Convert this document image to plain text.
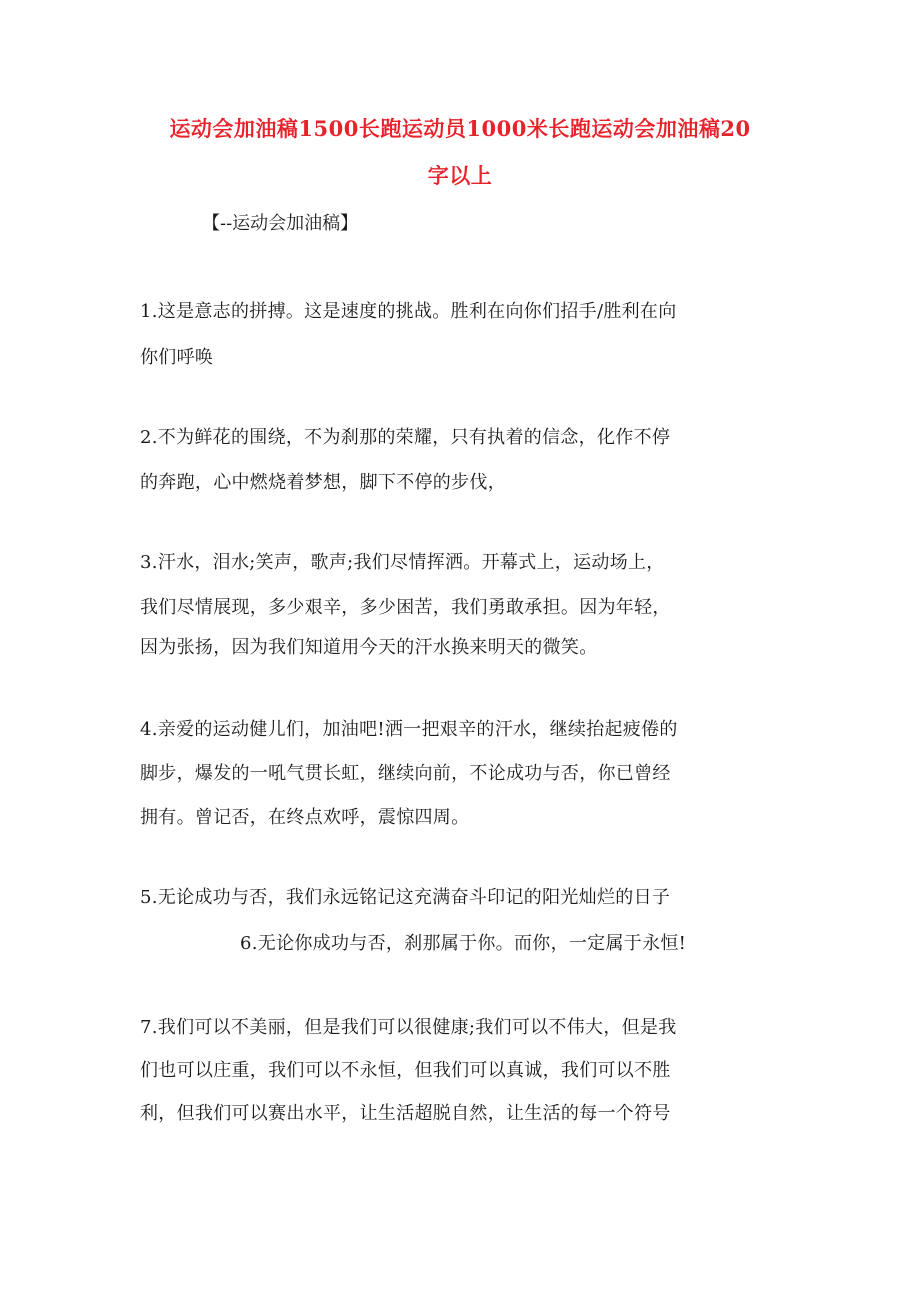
运动会加油稿1500长跑运动员1000米长跑运动会加油稿20
字以上
【--运动会加油稿】
1.这是意志的拼搏。这是速度的挑战。胜利在向你们招手/胜利在向
你们呼唤
2.不为鲜花的围绕，不为刹那的荣耀，只有执着的信念，化作不停
的奔跑，心中燃烧着梦想，脚下不停的步伐，
3.汗水，泪水;笑声，歌声;我们尽情挥洒。开幕式上，运动场上，
我们尽情展现，多少艰辛，多少困苦，我们勇敢承担。因为年轻，
因为张扬，因为我们知道用今天的汗水换来明天的微笑。
4.亲爱的运动健儿们，加油吧!洒一把艰辛的汗水，继续抬起疲倦的
脚步，爆发的一吼气贯长虹，继续向前，不论成功与否，你已曾经
拥有。曾记否，在终点欢呼，震惊四周。
5.无论成功与否，我们永远铭记这充满奋斗印记的阳光灿烂的日子
6.无论你成功与否，刹那属于你。而你，一定属于永恒!
7.我们可以不美丽，但是我们可以很健康;我们可以不伟大，但是我
们也可以庄重，我们可以不永恒，但我们可以真诚，我们可以不胜
利，但我们可以赛出水平，让生活超脱自然，让生活的每一个符号
